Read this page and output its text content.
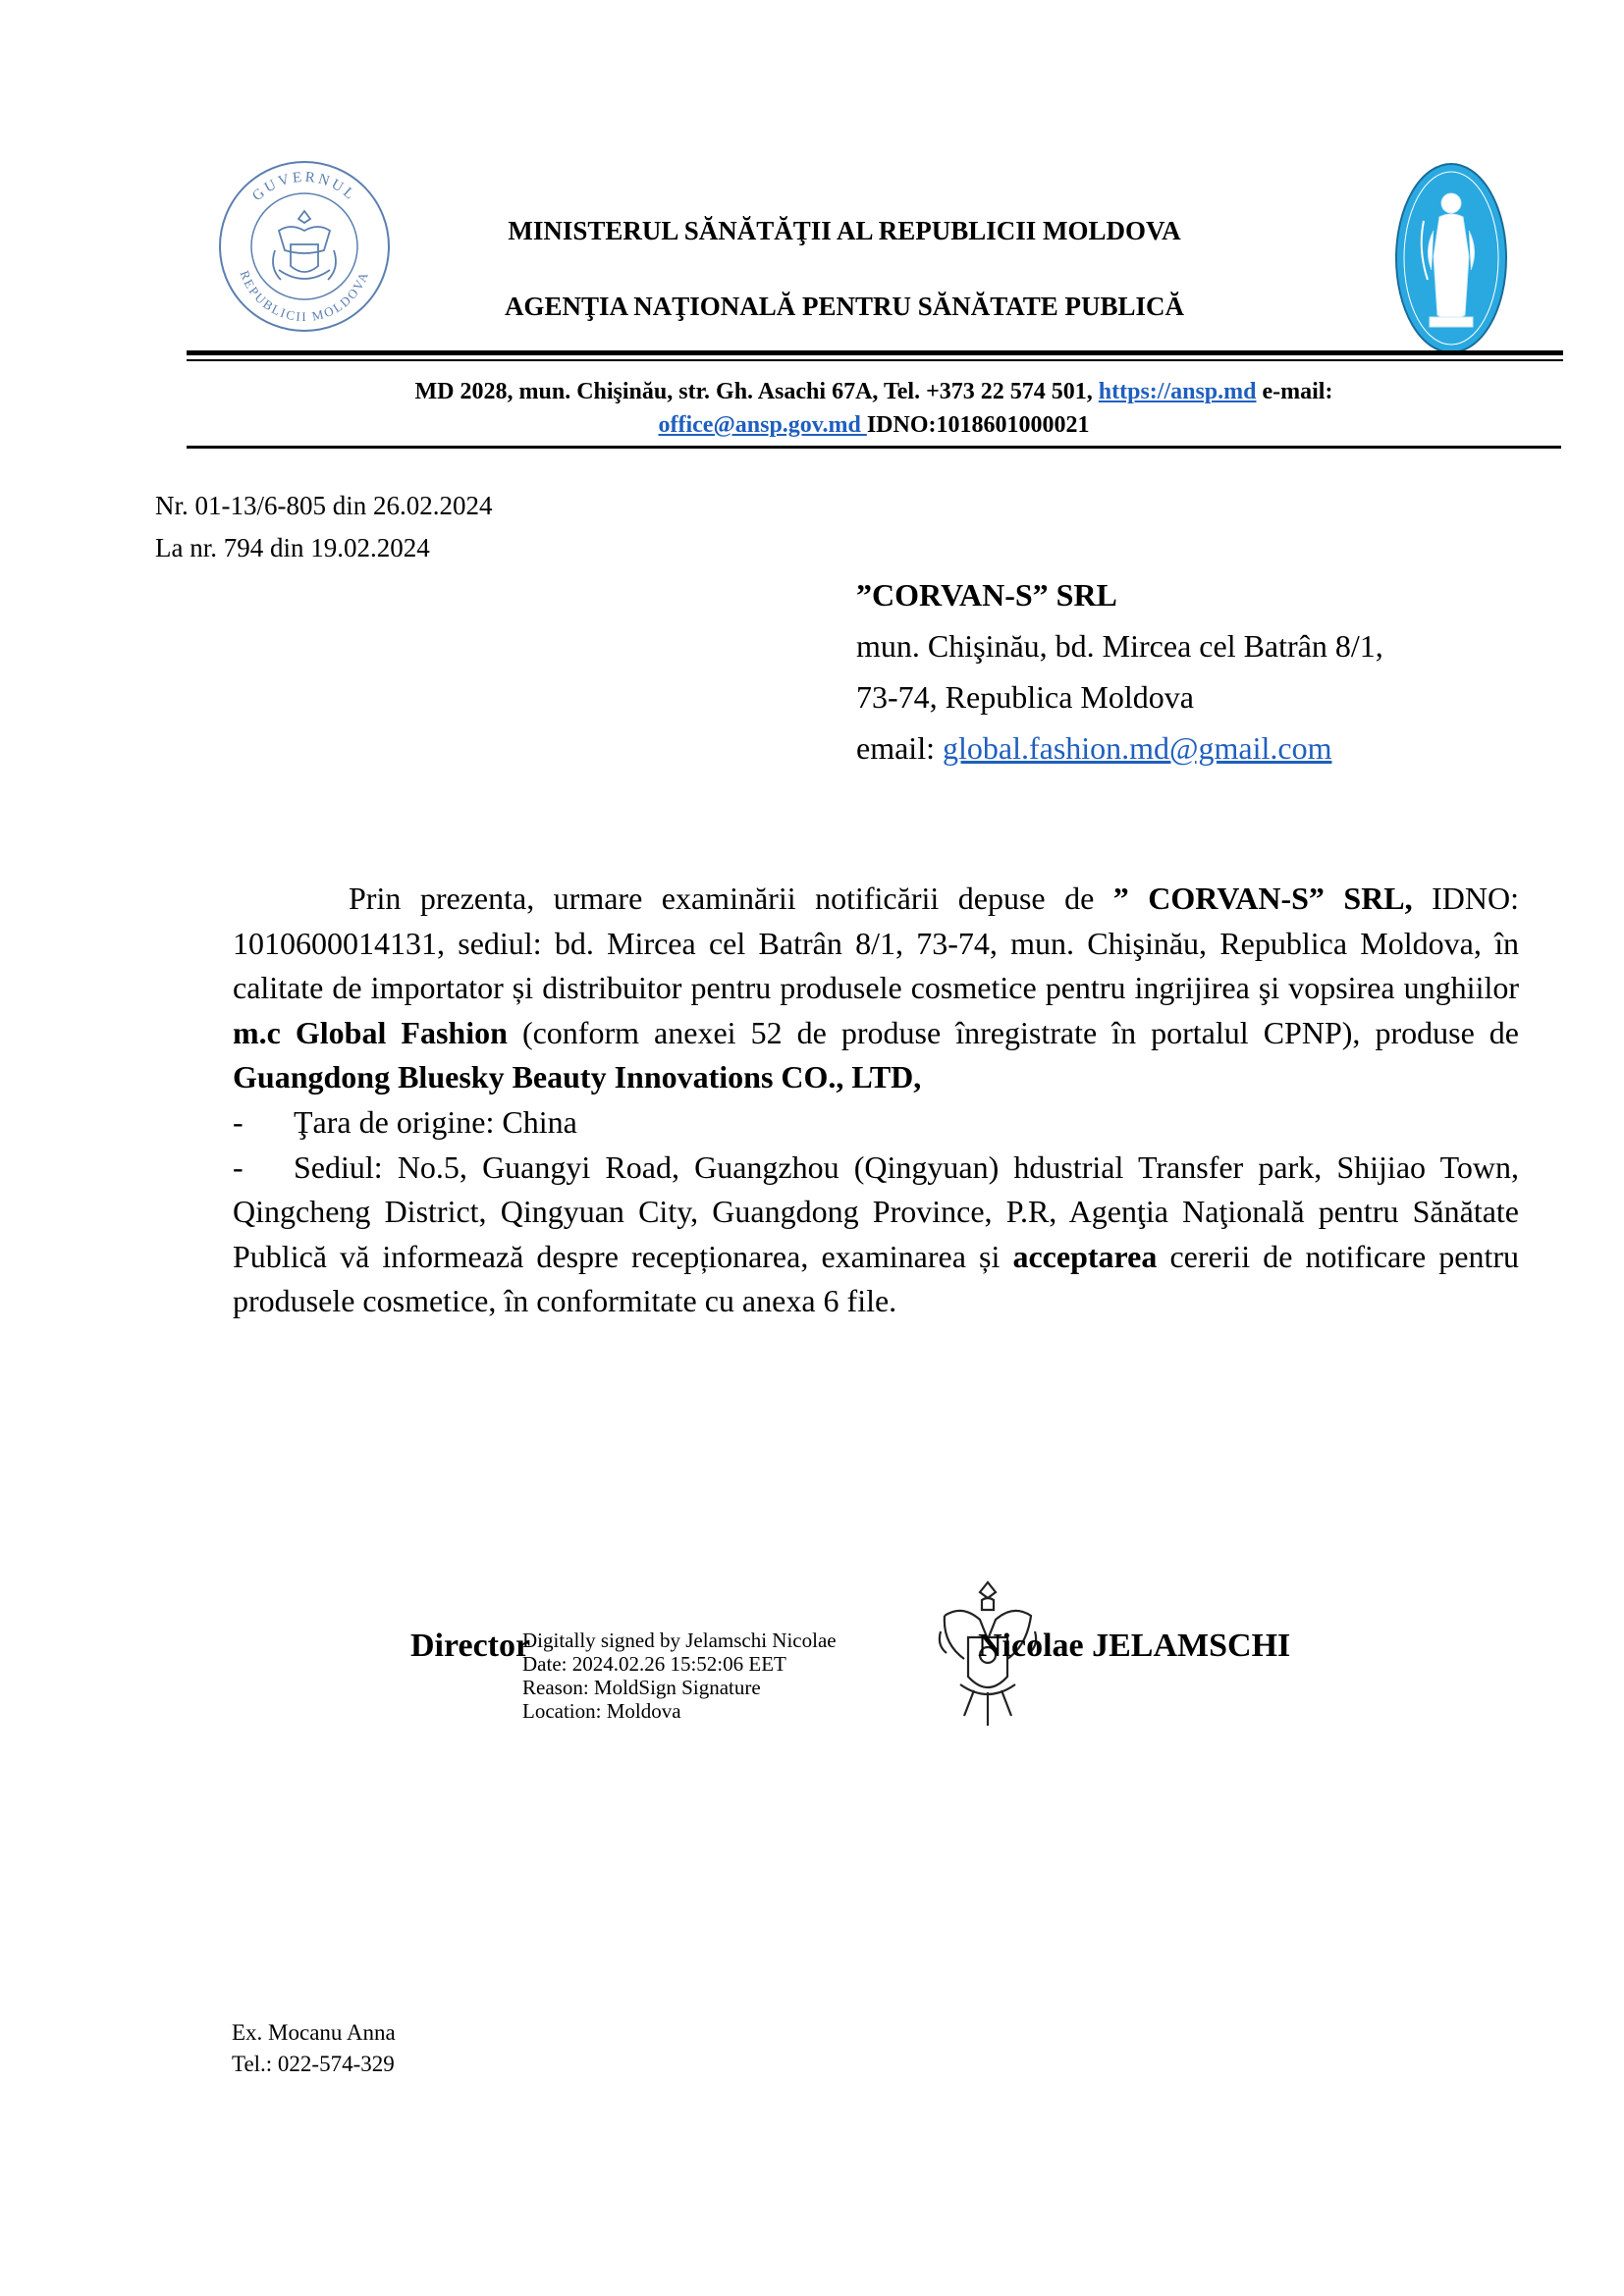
GUVERNUL
REPUBLICII MOLDOVA
MINISTERUL SĂNĂTĂŢII AL REPUBLICII MOLDOVA
AGENŢIA NAŢIONALĂ PENTRU SĂNĂTATE PUBLICĂ
MD 2028, mun. Chişinău, str. Gh. Asachi 67A, Tel. +373 22 574 501, https://ansp.md e-mail:
office@ansp.gov.md IDNO:1018601000021
Nr. 01-13/6-805 din 26.02.2024
La nr. 794 din 19.02.2024
”CORVAN-S” SRL
mun. Chişinău, bd. Mircea cel Batrân 8/1,
73-74, Republica Moldova
email: global.fashion.md@gmail.com

Prin prezenta, urmare examinării notificării depuse de ” CORVAN-S” SRL, IDNO: 1010600014131, sediul: bd. Mircea cel Batrân 8/1, 73-74, mun. Chişinău, Republica Moldova, în calitate de importator și distribuitor pentru produsele cosmetice pentru ingrijirea şi vopsirea unghiilor m.c Global Fashion (conform anexei 52 de produse înregistrate în portalul CPNP), produse de Guangdong Bluesky Beauty Innovations CO., LTD,

- Ţara de origine: China

- Sediul: No.5, Guangyi Road, Guangzhou (Qingyuan) hdustrial Transfer park, Shijiao Town, Qingcheng District, Qingyuan City, Guangdong Province, P.R, Agenţia Naţională pentru Sănătate Publică vă informează despre recepționarea, examinarea și acceptarea cererii de notificare pentru produsele cosmetice, în conformitate cu anexa 6 file.

Director
Digitally signed by Jelamschi Nicolae
Date: 2024.02.26 15:52:06 EET
Reason: MoldSign Signature
Location: Moldova
Nicolae JELAMSCHI
Ex. Mocanu Anna
Tel.: 022-574-329
